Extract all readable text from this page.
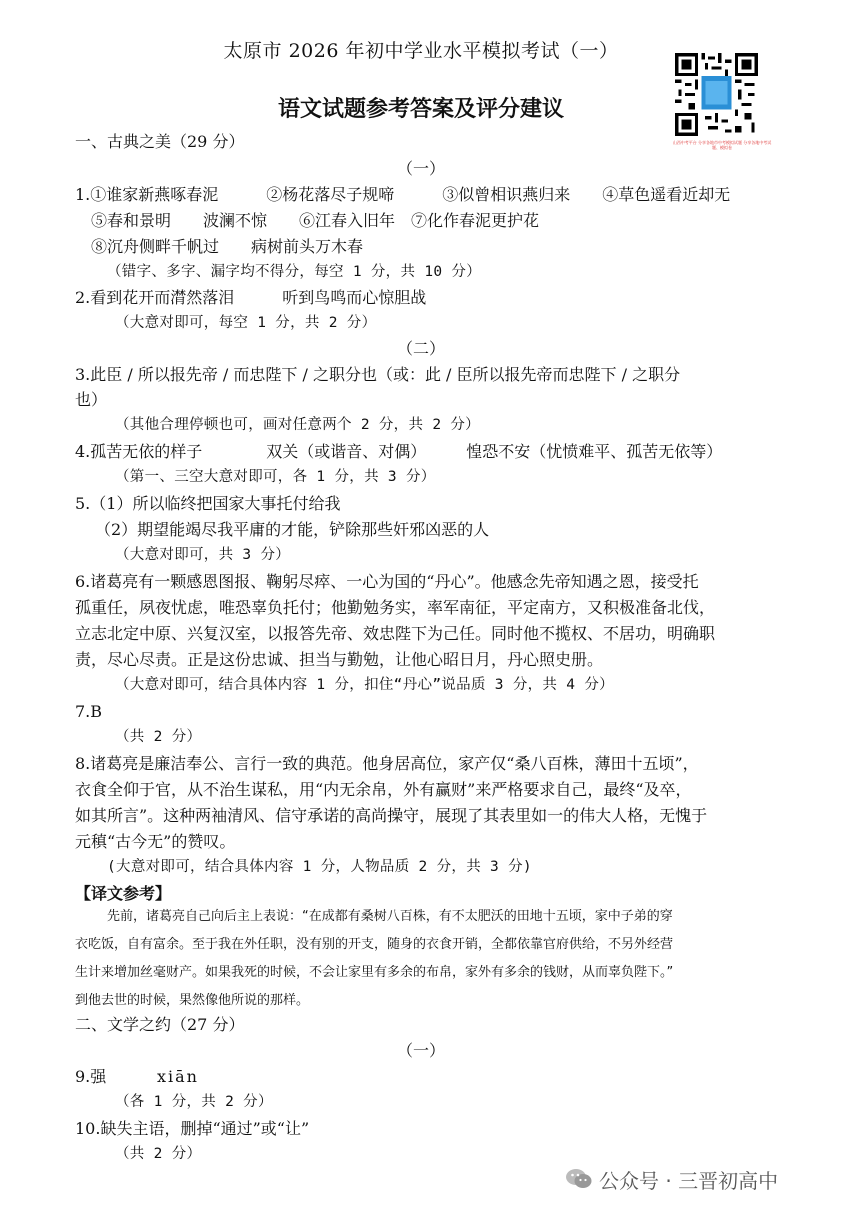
太原市 2026 年初中学业水平模拟考试（一）
语文试题参考答案及评分建议
山西中考平台 分享各地市中考模拟试题 分享各地中考试题、模拟卷
一、古典之美（29 分）
（一）
1.①谁家新燕啄春泥　　　②杨花落尽子规啼　　　③似曾相识燕归来　　④草色遥看近却无
⑤春和景明　　波澜不惊　　⑥江春入旧年　⑦化作春泥更护花
⑧沉舟侧畔千帆过　　病树前头万木春
（错字、多字、漏字均不得分，每空 1 分，共 10 分）
2.看到花开而潸然落泪　　　听到鸟鸣而心惊胆战
（大意对即可，每空 1 分，共 2 分）
（二）
3.此臣 / 所以报先帝 / 而忠陛下 / 之职分也（或：此 / 臣所以报先帝而忠陛下 / 之职分
也）
（其他合理停顿也可，画对任意两个 2 分，共 2 分）
4.孤苦无依的样子　　　　双关（或谐音、对偶）　　　惶恐不安（忧愤难平、孤苦无依等）
（第一、三空大意对即可，各 1 分，共 3 分）
5.（1）所以临终把国家大事托付给我
（2）期望能竭尽我平庸的才能，铲除那些奸邪凶恶的人
（大意对即可，共 3 分）
6.诸葛亮有一颗感恩图报、鞠躬尽瘁、一心为国的“丹心”。他感念先帝知遇之恩，接受托
孤重任，夙夜忧虑，唯恐辜负托付；他勤勉务实，率军南征，平定南方，又积极准备北伐，
立志北定中原、兴复汉室，以报答先帝、效忠陛下为己任。同时他不揽权、不居功，明确职
责，尽心尽责。正是这份忠诚、担当与勤勉，让他心昭日月，丹心照史册。
（大意对即可，结合具体内容 1 分，扣住“丹心”说品质 3 分，共 4 分）
7.B
（共 2 分）
8.诸葛亮是廉洁奉公、言行一致的典范。他身居高位，家产仅“桑八百株，薄田十五顷”，
衣食全仰于官，从不治生谋私，用“内无余帛，外有赢财”来严格要求自己，最终“及卒，
如其所言”。这种两袖清风、信守承诺的高尚操守，展现了其表里如一的伟大人格，无愧于
元稹“古今无”的赞叹。
(大意对即可，结合具体内容 1 分，人物品质 2 分，共 3 分)
【译文参考】
先前，诸葛亮自己向后主上表说：“在成都有桑树八百株，有不太肥沃的田地十五顷，家中子弟的穿
衣吃饭，自有富余。至于我在外任职，没有别的开支，随身的衣食开销，全都依靠官府供给，不另外经营
生计来增加丝毫财产。如果我死的时候，不会让家里有多余的布帛，家外有多余的钱财，从而辜负陛下。”
到他去世的时候，果然像他所说的那样。
二、文学之约（27 分）
（一）
9.强	xiān
（各 1 分，共 2 分）
10.缺失主语，删掉“通过”或“让”
（共 2 分）
公众号 · 三晋初高中
